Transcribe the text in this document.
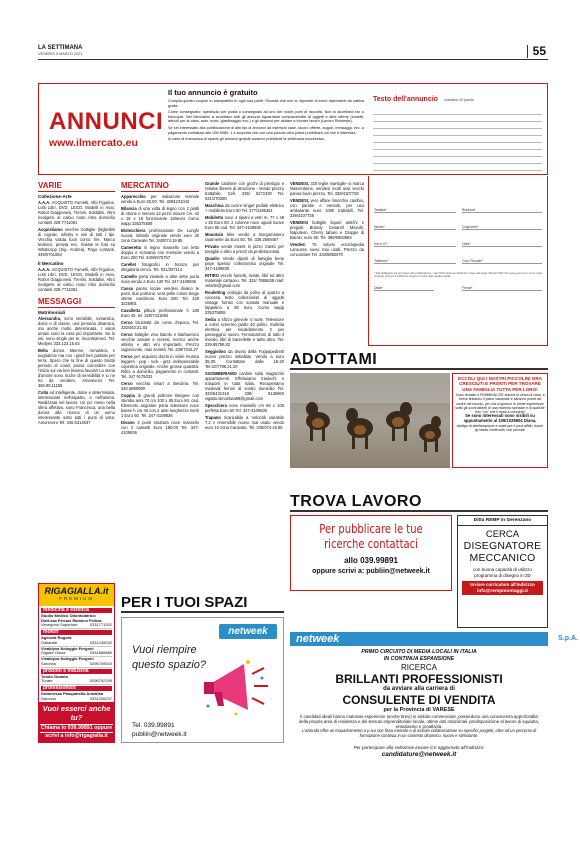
LA SETTIMANA
VENERDÌ 5 MARZO 2021	55
ANNUNCI
www.ilmercato.eu
Il tuo annuncio è gratuito

Compila questo coupon in stampatello in ogni sua parte. Ricorda che non si risponde di errori dipendenti da cattiva grafia.

Come consegnarlo: spediscilo per posta o consegnalo ad uno dei nostri punti di raccolta. Non si accettano fax o fotocopie. Nel Mercatino si accettano tutti gli annunci riguardanti compravendite di oggetti e altre offerte (lumetti, articoli per la casa, auto, moto, giardinaggio ecc.) e gli annunci per aiutare a trovare lavoro (Lavoro Richieste).

Se sei interessato alla pubblicazione di altri tipi di annunci ad esempio case, lavoro offerte, auguri, messaggi, ecc. a pagamento contattaci allo 039.9989. 1 e scoprirai che con una piccola cifra potrai pubblicare ciò che ti interessa.

In caso di mancanza di spazio gli annunci gratuiti saranno pubblicati la settimana successiva.

Testo dell'annuncio massimo 20 parole
Testata*	Rubrica*
Nome*	Cognome*
Via e n°*	Città*
Telefono*	Cod. Fiscale*
* Dati obbligatori per procedere alla pubblicazione. I dati NON saranno pubblicati in base alla legge 196 del 2003. Per avere annunci in cui si vuole rimanere anonimi è sufficiente inviare il coupon alla casella postale.
Data*	Firma*
VARIE
Collezione-Arte

A.A.A. ACQUISTO Fumetti, Albi Figurine, Lotti Libri, DVD, LEGO, Modelli in Auto, Robot Giapponesi, Trenini, Soldatini, Altro rivolgersi al calcio moto ritiro domicilio contanti 328-7711081

Acquistiamo vecchie bottiglie (bigliettini di cognac, whisky e vini di tutti i tipi. Vecchia valuta fuori corso: lire. Marco tedesco, peseta ecc. Inviate le foto su WhatsApp (Sig. Andrea). Pago contanti. 349/0761854

Il Mercatino

A.A.A. ACQUISTO Fumetti, Albi Figurine, Lotti Libri, DVD, LEGO, Modelli in Auto, Robot Giapponesi, Trenini, Soldatini, Altro rivolgersi al calcio moto ritiro domicilio contanti 328-7711081

MESSAGGI
Matrimoniali

Alessandra, sono sensibile, romantica, dolce e di classe, una persona dinamica, ma anche molto determinata. I valori umani sono la cosa più importante. Se lo sei, sono single per te, incontriamoci. Tel. Medyes 333.123.15.63

Bella donna 55enne, romantica e sognatrice ma con i piedi ben piantati per terra. Spero che la fine di questo brutto periodo di covid, possa coincidere con l'inizio sul via ben lissima favola!! La storia d'amore sono ricche di sensibilità e io ne ho da vendere. Amorevoro Tel. 366.89.11155

Colta ed intelligente, dolce e determinata, interessante nell'aspetto, e nell'anima. Realizzata nel lavoro. Un po' meno nella sfera affettiva, sono Francesca, una bella donna alla ricerca di un uomo interessante sotto tutti i punti di vista. Amorevoro Tel. 346.5314637

RIGAGIALLA.it
PREMIUM
medicina e estetica
Studio Medico Odontoiatrico Dott.ssa Ferraci Raimico Felicia
Venegono Superiore	0331771532
motori
Agenzia Rogora
Gallarate	0331245032
Vivaldyva Noleggio Furgoni
Olgiate Olona	0331888880
Vivaldyva Noleggio Furgoni
Saronno	0296709543
prodotti e industria
Tondo Guanto
Turate	0296752295
professionisti
Dottoressa Pasquarella Annalisa
Saronno	3331206237
Vuoi esserci anche tu?
Chiama lo 039.99891 oppure
scrivi a info@rigagialla.it
MERCATINO

Apparecchio per inalazione termale vendo a Euro 20,00. Tel. 3294231043

Bilancia di una volta di legno con 2 piatti di ottone e semesi 13 pezzi misure cm. 42 x 18 x 18 funzionante 130euro Como wapp 335375808

Bistecchiera professionale De Longhi nuova, imballo originale vendo euro 40 zona Caravate Tel. 340/074.19.85

Cameretta in legno massello con letto doppio e scrivania con mensole vendo a Euro 200 Tel. 340/6975767

Carellet fotografici in bronzo per rilegatoria cenco. Tel. 031/307114

Camello porta vivande a altre sette porta riuse vendo a Euro 130 Tel. 347-4109836

Cassa panno locale vendesi divano te posti, due poltrone, vera pelle colore beige ottime condizioni. Euro 200. Tel. 329 3225901

Cavalletta pittura professionale h 180 Euro 40. tel. 329/7431894

Cerco bicicletta da corsa d'epoca. Tel. 333/463.31.84

Cerco bottiglie vino Barolo e Barbaresco vecchie annate e recenti, ricerco anche whisky e altri vini importanti. Prezzo ragionevole, max serietà. Tel. 339/7316.27

Cerco per acquisto dischi in vinile musica leggera - pop - rock - jazz, indispensabile copertina originale. Anche grosse quantità. Ritiro a domicilio, pagamento in contanti. Tel. 347 9175032

Cerco vecchia smart a Benzina. Tel. 340.5890090

Coppia di grandi poltrone Bergere con stemba anni 70 cm 100 x 85 Euro 60. cad. Elemento angolare porta televisore noce basse h cm 46 con 2 ante lunghezza metri 1 Euro 60. Tel. 347-4109836

Divano 2 posti struttura noce massello con 2 cassetti Euro 180,00 Tel. 347-4109836

Grande catalone con giochi di prestigio e relative librerie di istruzione - Vendo prezzo trattabile. Cell. 335/ 6272430 Tel. 031/270360

Macchina da cucire singer pedale elettrico + mobiletto Euro 50 Tel. 377/1195361

Mobiletto noce 4 ripiani a vetri m. 77 x 48 x 26 Euro 50. 2 colonne noce uguali nuove Euro 60 cad. Tel. 347-4109836

Mountain bike vendo a Borgomanero raramente da Euro 50. Tel. 338.2569457

Privato vende inserti in pizzo Cantù per tovaglie o altro a prezzi da professionista

Quadro Vendo dipinti di famiglia bene pepe spesso collezionista originale Tel. 347-4109836

RITIRO vecchi fumetti, riviste, libri ed altro materiale cartaceo. Tel. 334/ 7885638 mail: velarte@gmail.com

Rouletting orologio da polso al quarzo a cocessa testo collezionisti di oggetti vintage fornito con scatola manuale e tappetino a 80 euro. Como wapp 335375808

Sedia a sfizzo girevole 4 ruote. Televisore a colori schermo piatto 40 pollici. Stufetta elettrica per riscaldamento 3 per passeggino nuovo. Fermacalzoni di tutto il mondo, libri di barzellette e tanto altro. Tel. 339.85758.82

Seggiolino da tavolo della Foppapedretti nuovo prezzo imballato. Vendo a euro 35,00. Contattare dalle 18-20 Tel.327/788.21.20

SGOMBERIAMO cantine solai magazzini appartamenti. Effettuiamo traslochi e trasporti in tutta Italia. Recuperiamo materiali ferrosi al vostro domicilio Tel. 333/6431318 339/ 8136960 vigatto.simonluta99@gmail.com

Specchiera noce massello cm 60 x 100 perfetta Euro 50 Tel. 347-4109836

Trapano ricaricabile a 'velocità variabile 7,2 v reversibile nuovo mai usato vendo euro 10 zona Caravate. Tel. 340/074.19.85

VENDESI, 320 teglie marsiglie- si marca Nascimbene, vendesi molti uovi vecchi panna buon prezzo. Tel. 338/4107728

VENDESI, vero affare rimorchio cambio, con paratie e ventole, per uso ambulante euro 1000 trattabili. Tel. 338/4107728

VENDESI bottiglie liquori antichi e pregiati Brandy Cesarell Mavolti, Napoleon, Cherry tabaro e Grappe di Barolo, euro 50. Tel. 380/6993983

Vendesi 75 volumi enciclopedia Larousse nuovi mai usati. Prezzo da concordare Tel. 333/6982070

ADOTTAMI
ECCOLI QUI I NOSTRI PICCOLINI ORA CRESCIUTI E PRONTI PER TROVARE UNA FAMIGLIA TUTTA PER LORO!
Sono rimaste 4 FEMMINUCCE ancora in cerca di casa, a breve finiranno il piano vaccinale e saranno pronti ad uscire nel mondo, per ora si godono le prime esperienze sotto gli occhi attenti di una mamma speciale e di qualche loro "zio" che li aiuta a crescere!
Se sono interessati sono visibili su appuntamento al 339/1028604 Diana,
obbligo di sterilizzazione e visite pre e post affido, futuro tg medio contenuto, non piccola!
TROVA LAVORO
Per pubblicare le tue
ricerche contattaci
allo 039.99891
oppure scrivi a: publiin@netweek.it
Ditta REMP in Gerenzano
CERCA
DISEGNATORE
MECCANICO
con buona capacità di utilizzo programma di disegno in 3D
Inviare curriculum all'indirizzo
info@rempmontaggi.it
PER I TUOI SPAZI
netweek
Vuoi riempire
questo spazio?
Tel. 039.99891
publiin@netweek.it
netweek	S.p.A.
PRIMO CIRCUITO DI MEDIA LOCALI IN ITALIA
IN CONTINUA ESPANSIONE
RICERCA
BRILLANTI PROFESSIONISTI
da avviare alla carriera di
CONSULENTE DI VENDITA
per la Provincia di VARESE
Il candidati ideali hanno maturato esperienze (anche brevi) in ambito commerciale, possiedono una conoscenza approfondita della propria area di residenza e del tessuto imprenditoriale locale, ottime doti relazionali, predisposizione al lavoro di squadra, entusiasmo e proattività.
L'azienda offre un inquadramento a p.iva con fisso mensile o di iniziale collaborazione su specifici progetti, oltre ad un percorso di formazione continua in un contesto dinamico, nuovo e stimolante.
Per partecipare alla selezione inviare CV aggiornato all'indirizzo:
candidature@netweek.it
